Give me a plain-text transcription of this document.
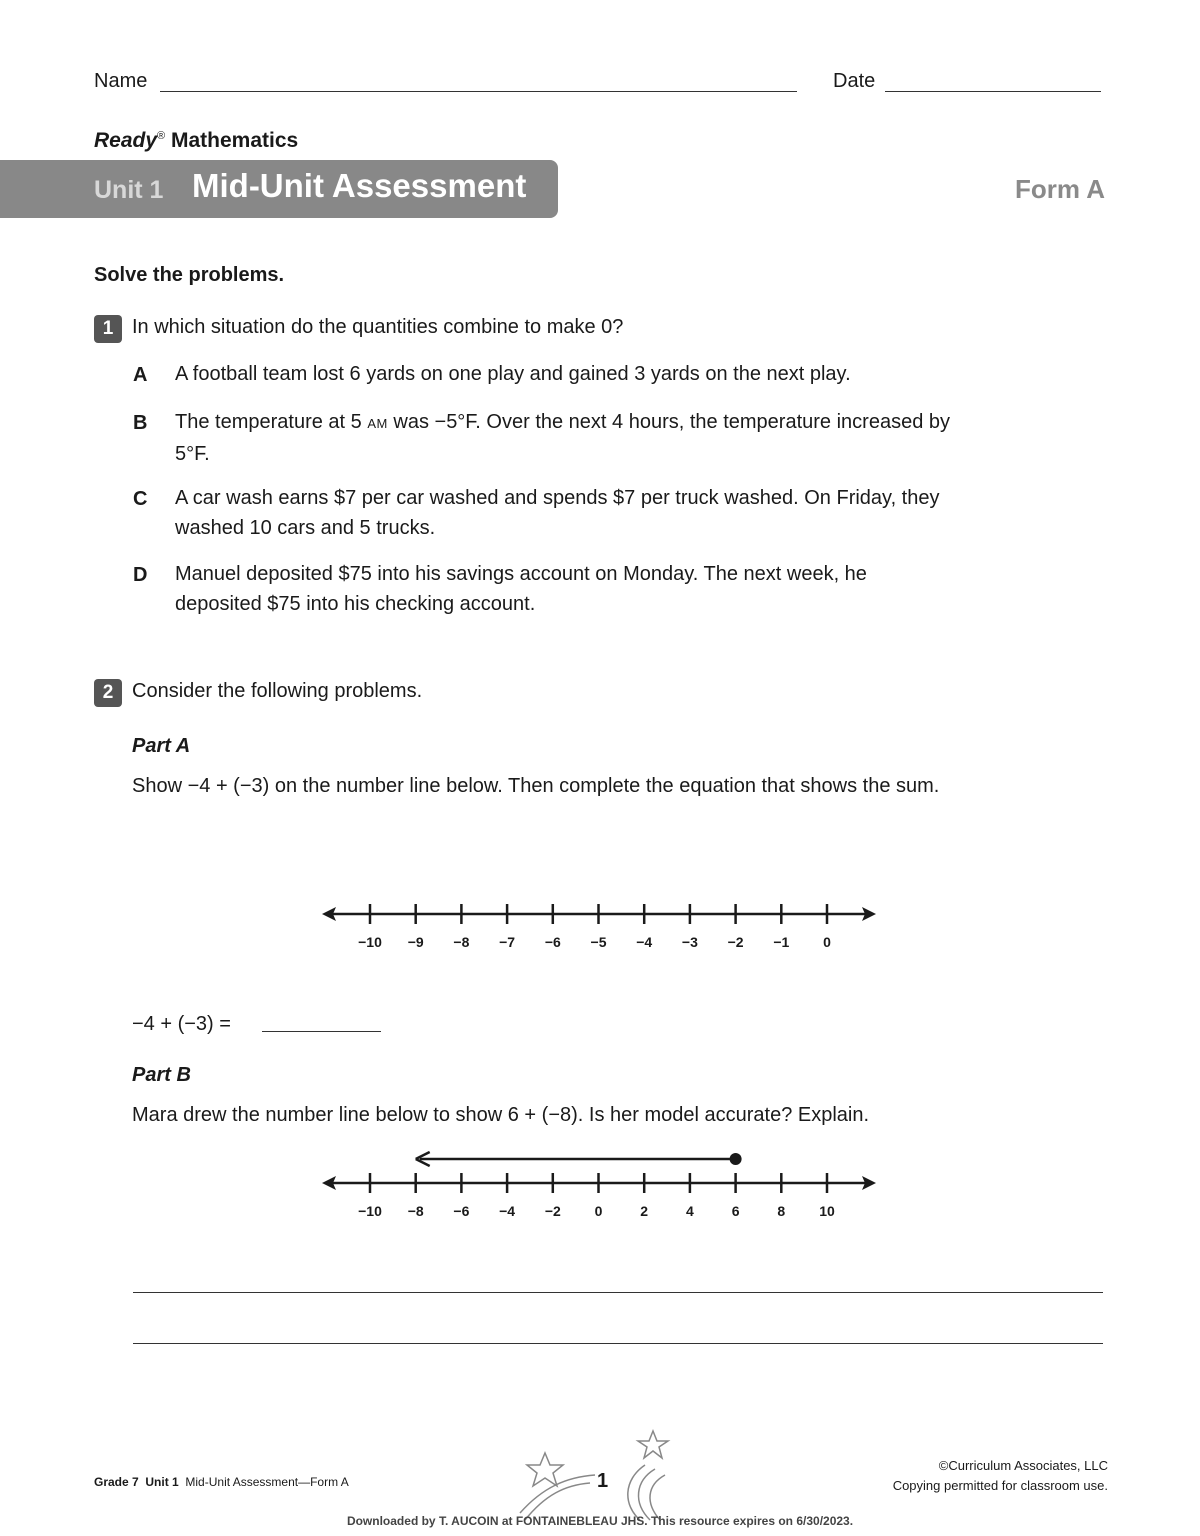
Name	Date
Ready® Mathematics
Unit 1 Mid-Unit Assessment	Form A
Solve the problems.
1 In which situation do the quantities combine to make 0?
A A football team lost 6 yards on one play and gained 3 yards on the next play.
B The temperature at 5 AM was −5°F. Over the next 4 hours, the temperature increased by 5°F.
C A car wash earns $7 per car washed and spends $7 per truck washed. On Friday, they washed 10 cars and 5 trucks.
D Manuel deposited $75 into his savings account on Monday. The next week, he deposited $75 into his checking account.
2 Consider the following problems.
Part A
Show −4 + (−3) on the number line below. Then complete the equation that shows the sum.
−10 −9 −8 −7 −6 −5 −4 −3 −2 −1 0
−4 + (−3) =
Part B
Mara drew the number line below to show 6 + (−8). Is her model accurate? Explain.
−10 −8 −6 −4 −2 0	2	4	6	8 10
Grade 7 Unit 1 Mid-Unit Assessment—Form A	1
©Curriculum Associates, LLC
Copying permitted for classroom use.
Downloaded by T. AUCOIN at FONTAINEBLEAU JHS. This resource expires on 6/30/2023.
